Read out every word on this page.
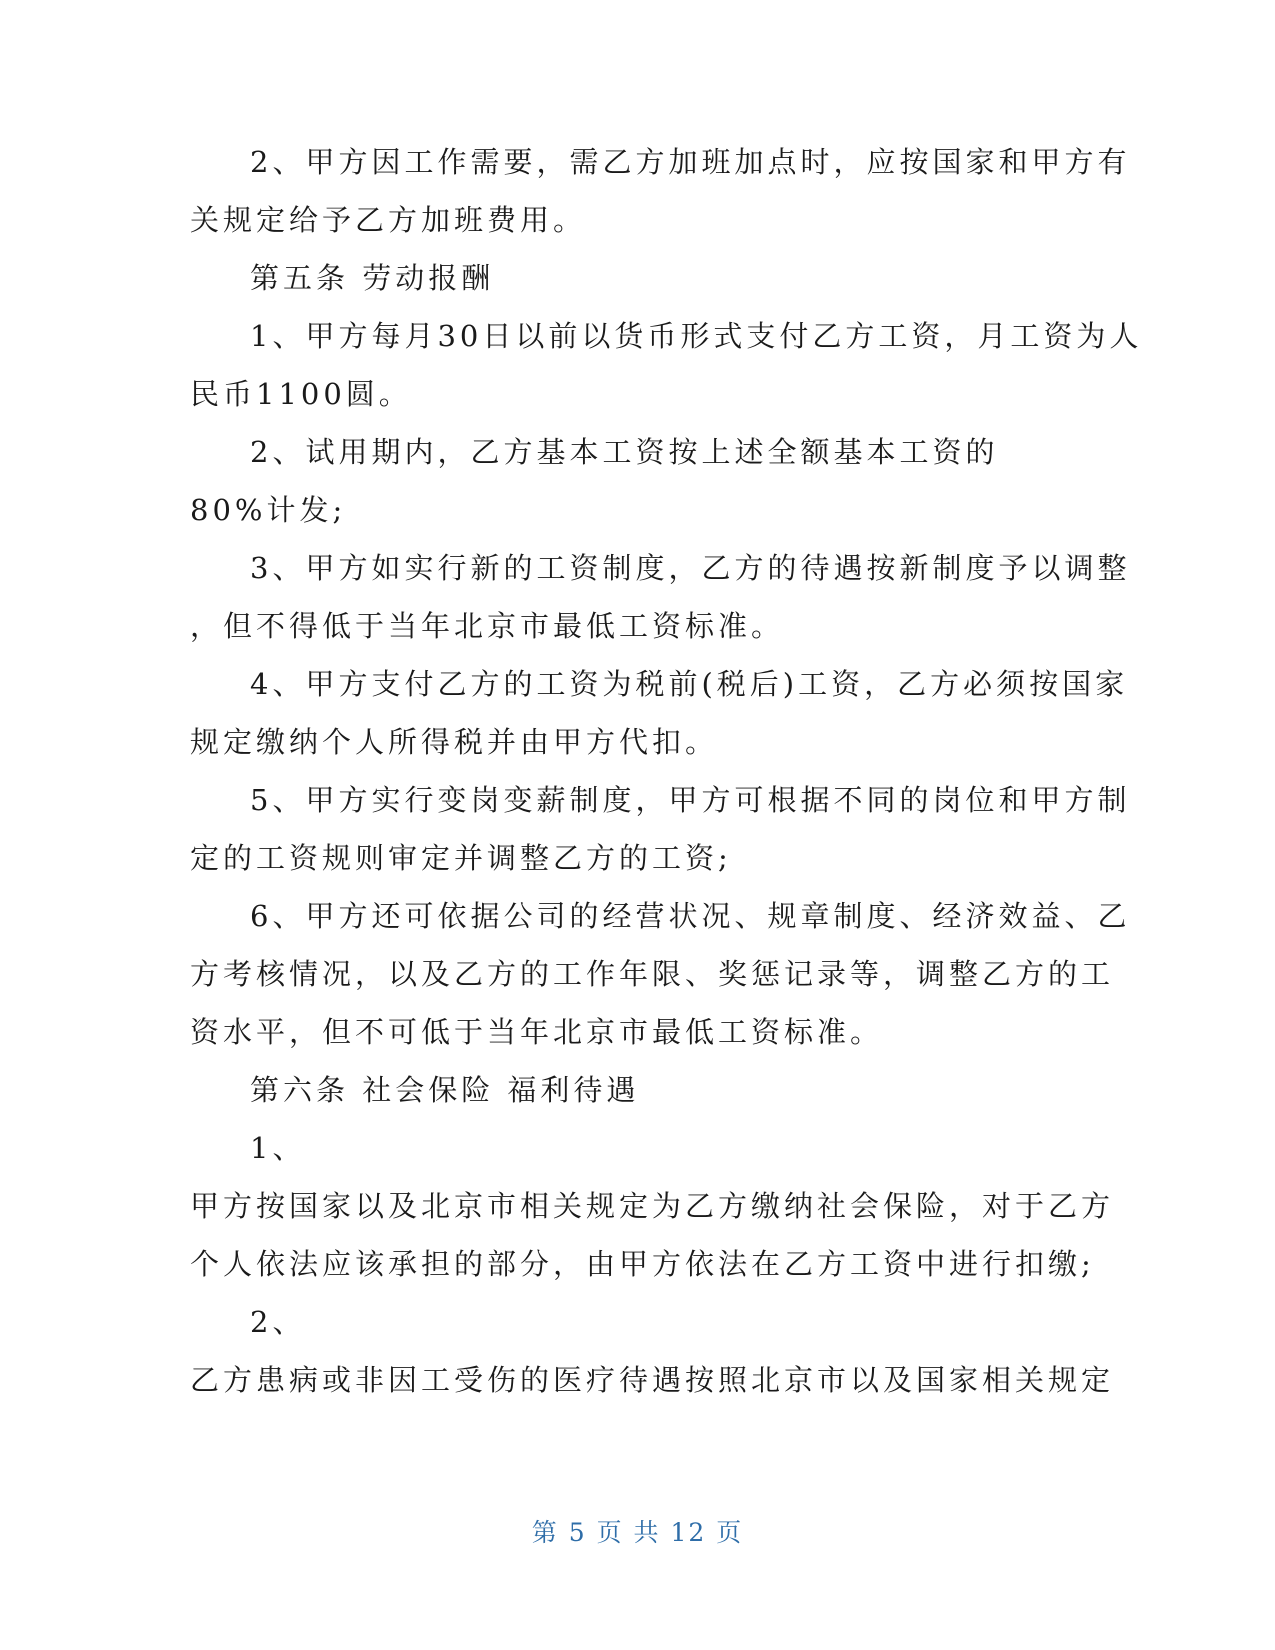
2、甲方因工作需要，需乙方加班加点时，应按国家和甲方有
关规定给予乙方加班费用。
第五条 劳动报酬
1、甲方每月30日以前以货币形式支付乙方工资，月工资为人
民币1100圆。
2、试用期内，乙方基本工资按上述全额基本工资的
80%计发;
3、甲方如实行新的工资制度，乙方的待遇按新制度予以调整
，但不得低于当年北京市最低工资标准。
4、甲方支付乙方的工资为税前(税后)工资，乙方必须按国家
规定缴纳个人所得税并由甲方代扣。
5、甲方实行变岗变薪制度，甲方可根据不同的岗位和甲方制
定的工资规则审定并调整乙方的工资;
6、甲方还可依据公司的经营状况、规章制度、经济效益、乙
方考核情况，以及乙方的工作年限、奖惩记录等，调整乙方的工
资水平，但不可低于当年北京市最低工资标准。
第六条 社会保险 福利待遇
1、
甲方按国家以及北京市相关规定为乙方缴纳社会保险，对于乙方
个人依法应该承担的部分，由甲方依法在乙方工资中进行扣缴;
2、
乙方患病或非因工受伤的医疗待遇按照北京市以及国家相关规定
第 5 页 共 12 页
